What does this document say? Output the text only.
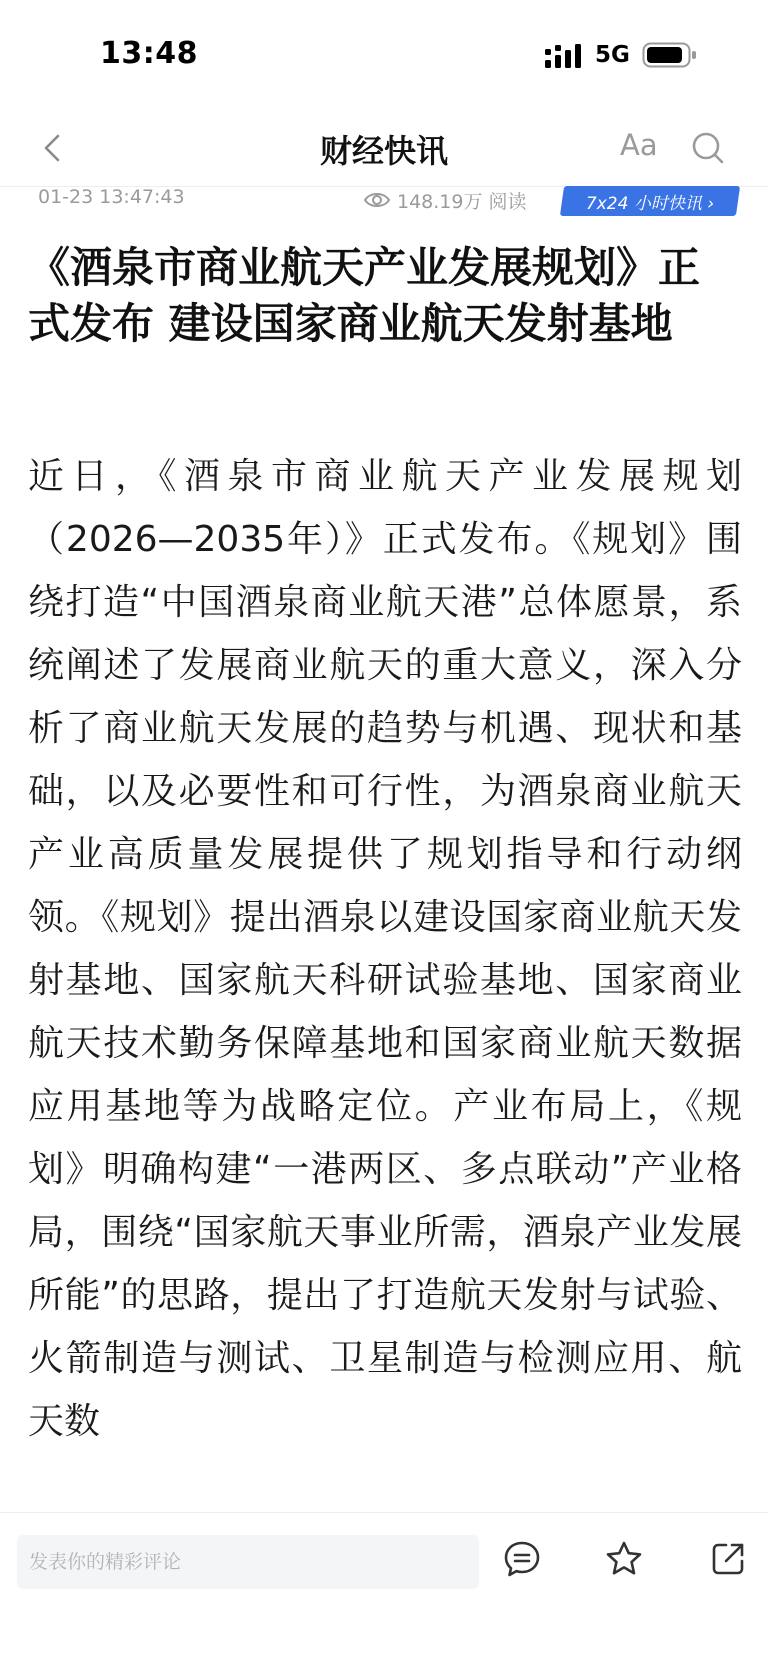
13:48	5G
财经快讯	Aa
01-23 13:47:43	148.19万 阅读	7x24 小时快讯 ›
《酒泉市商业航天产业发展规划》正式发布 建设国家商业航天发射基地
近日，《酒泉市商业航天产业发展规划（2026—2035年）》正式发布。《规划》围绕打造“中国酒泉商业航天港”总体愿景，系统阐述了发展商业航天的重大意义，深入分析了商业航天发展的趋势与机遇、现状和基础，以及必要性和可行性，为酒泉商业航天产业高质量发展提供了规划指导和行动纲领。《规划》提出酒泉以建设国家商业航天发射基地、国家航天科研试验基地、国家商业航天技术勤务保障基地和国家商业航天数据应用基地等为战略定位。产业布局上，《规划》明确构建“一港两区、多点联动”产业格局，围绕“国家航天事业所需，酒泉产业发展所能”的思路，提出了打造航天发射与试验、火箭制造与测试、卫星制造与检测应用、航天数
发表你的精彩评论
